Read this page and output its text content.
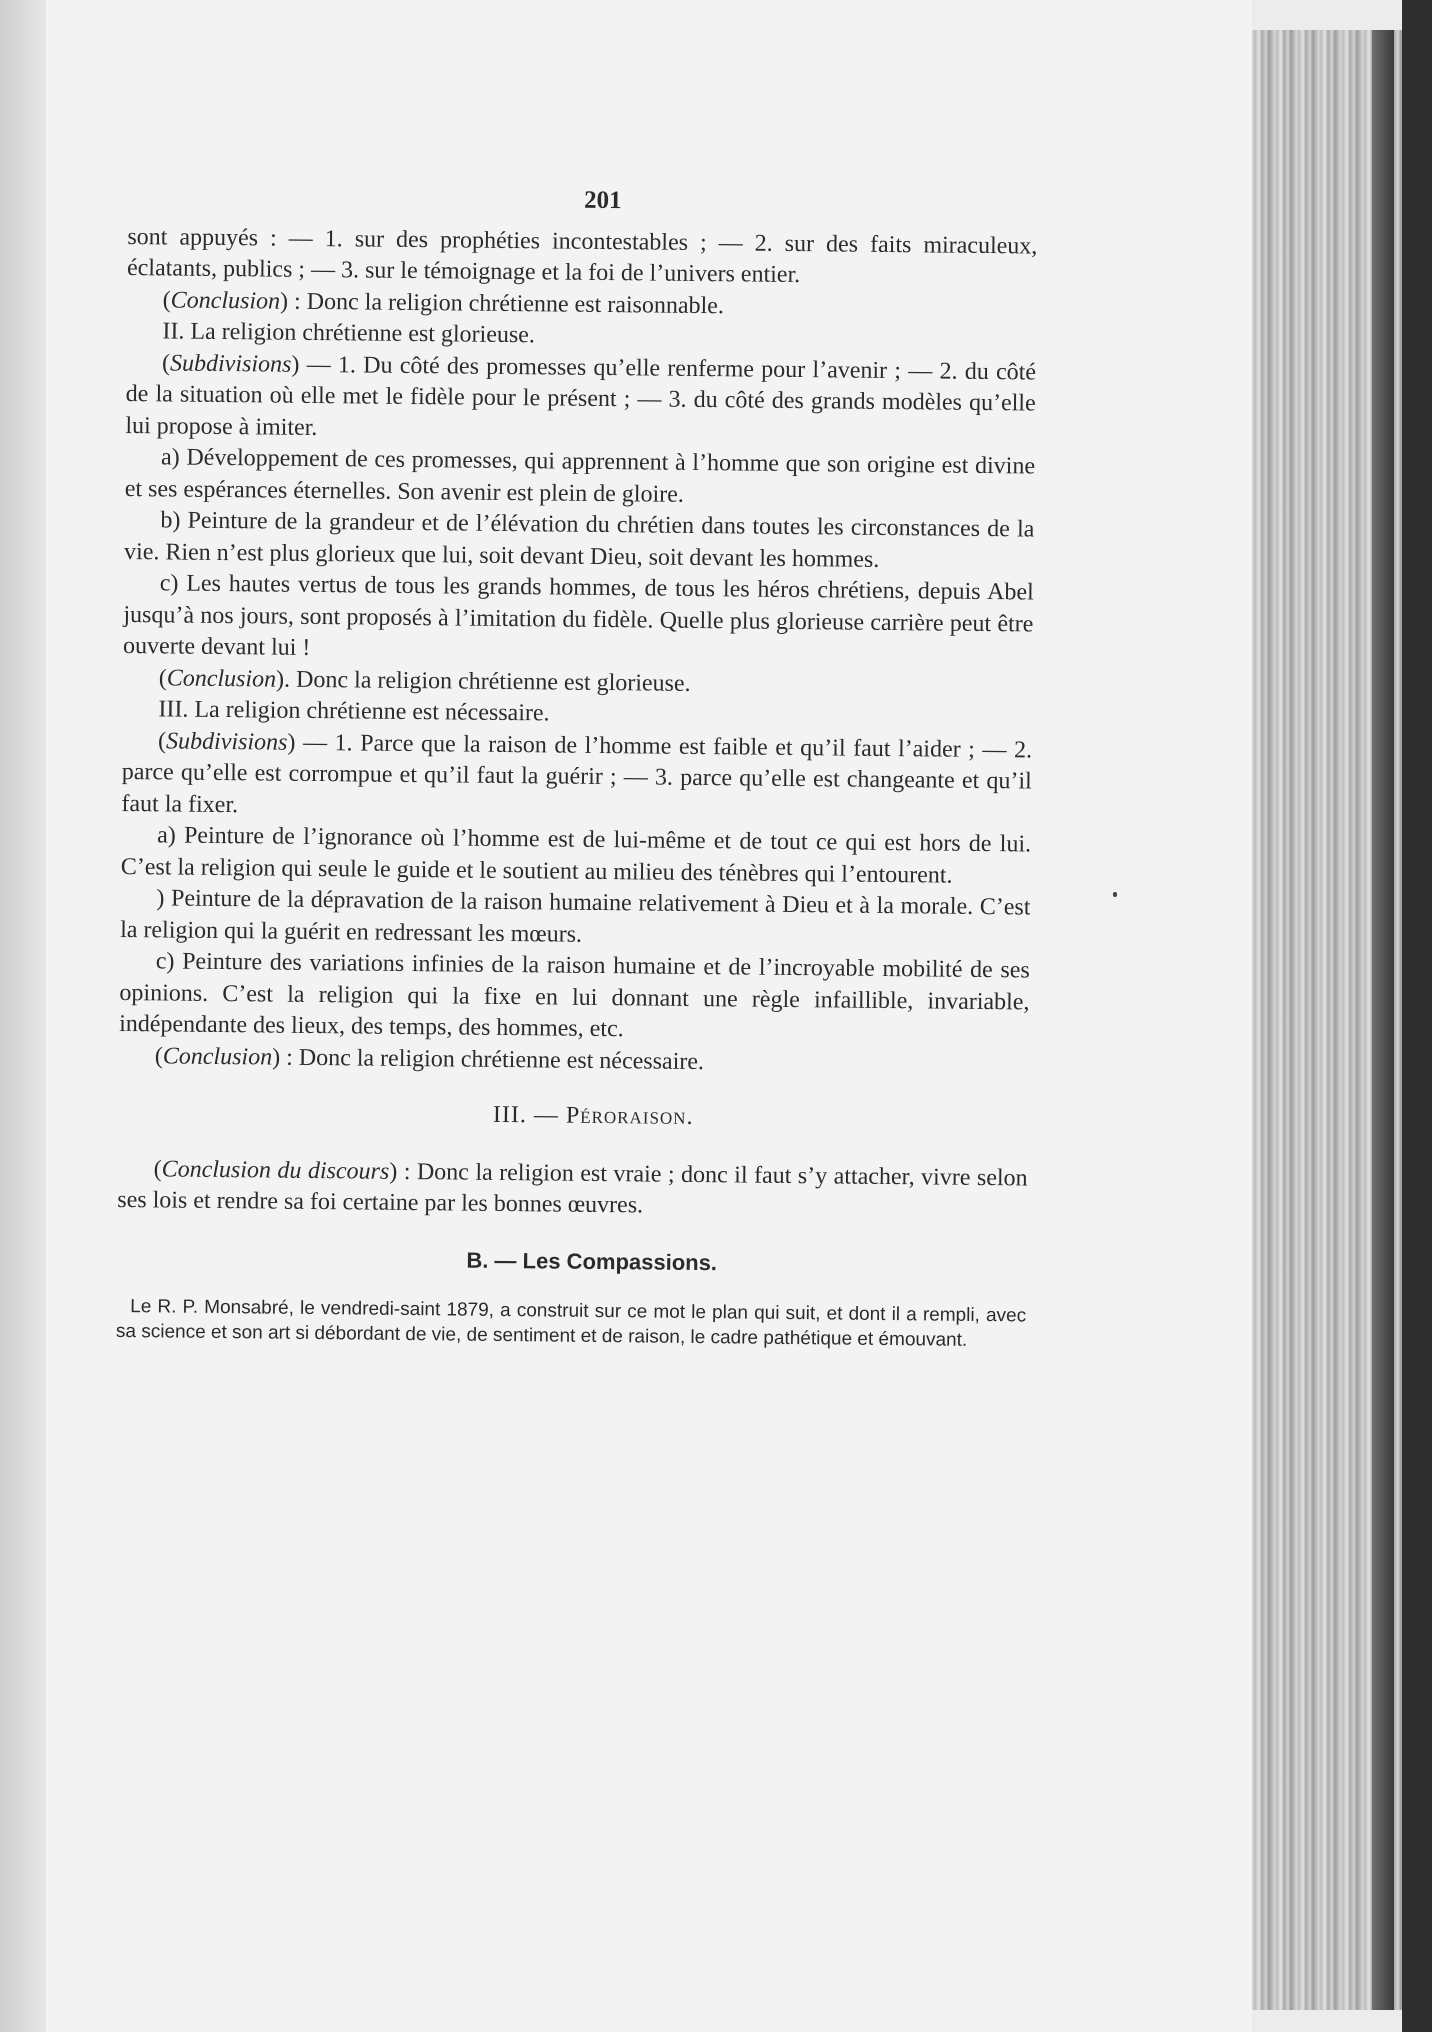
201

sont appuyés : — 1. sur des prophéties incontestables ; — 2. sur des faits miraculeux, éclatants, publics ; — 3. sur le témoignage et la foi de l’univers entier.

(Conclusion) : Donc la religion chrétienne est raisonnable.

II. La religion chrétienne est glorieuse.

(Subdivisions) — 1. Du côté des promesses qu’elle renferme pour l’avenir ; — 2. du côté de la situation où elle met le fidèle pour le présent ; — 3. du côté des grands modèles qu’elle lui propose à imiter.

a) Développement de ces promesses, qui apprennent à l’homme que son origine est divine et ses espérances éternelles. Son avenir est plein de gloire.

b) Peinture de la grandeur et de l’élévation du chrétien dans toutes les circonstances de la vie. Rien n’est plus glorieux que lui, soit devant Dieu, soit devant les hommes.

c) Les hautes vertus de tous les grands hommes, de tous les héros chrétiens, depuis Abel jusqu’à nos jours, sont proposés à l’imitation du fidèle. Quelle plus glorieuse carrière peut être ouverte devant lui !

(Conclusion). Donc la religion chrétienne est glorieuse.

III. La religion chrétienne est nécessaire.

(Subdivisions) — 1. Parce que la raison de l’homme est faible et qu’il faut l’aider ; — 2. parce qu’elle est corrompue et qu’il faut la guérir ; — 3. parce qu’elle est changeante et qu’il faut la fixer.

a) Peinture de l’ignorance où l’homme est de lui-même et de tout ce qui est hors de lui. C’est la religion qui seule le guide et le soutient au milieu des ténèbres qui l’entourent.

) Peinture de la dépravation de la raison humaine relativement à Dieu et à la morale. C’est la religion qui la guérit en redressant les mœurs.

c) Peinture des variations infinies de la raison humaine et de l’incroyable mobilité de ses opinions. C’est la religion qui la fixe en lui donnant une règle infaillible, invariable, indépendante des lieux, des temps, des hommes, etc.

(Conclusion) : Donc la religion chrétienne est nécessaire.

III. — Péroraison.

(Conclusion du discours) : Donc la religion est vraie ; donc il faut s’y attacher, vivre selon ses lois et rendre sa foi certaine par les bonnes œuvres.

B. — Les Compassions.

Le R. P. Monsabré, le vendredi-saint 1879, a construit sur ce mot le plan qui suit, et dont il a rempli, avec sa science et son art si débordant de vie, de sentiment et de raison, le cadre pathétique et émouvant.
